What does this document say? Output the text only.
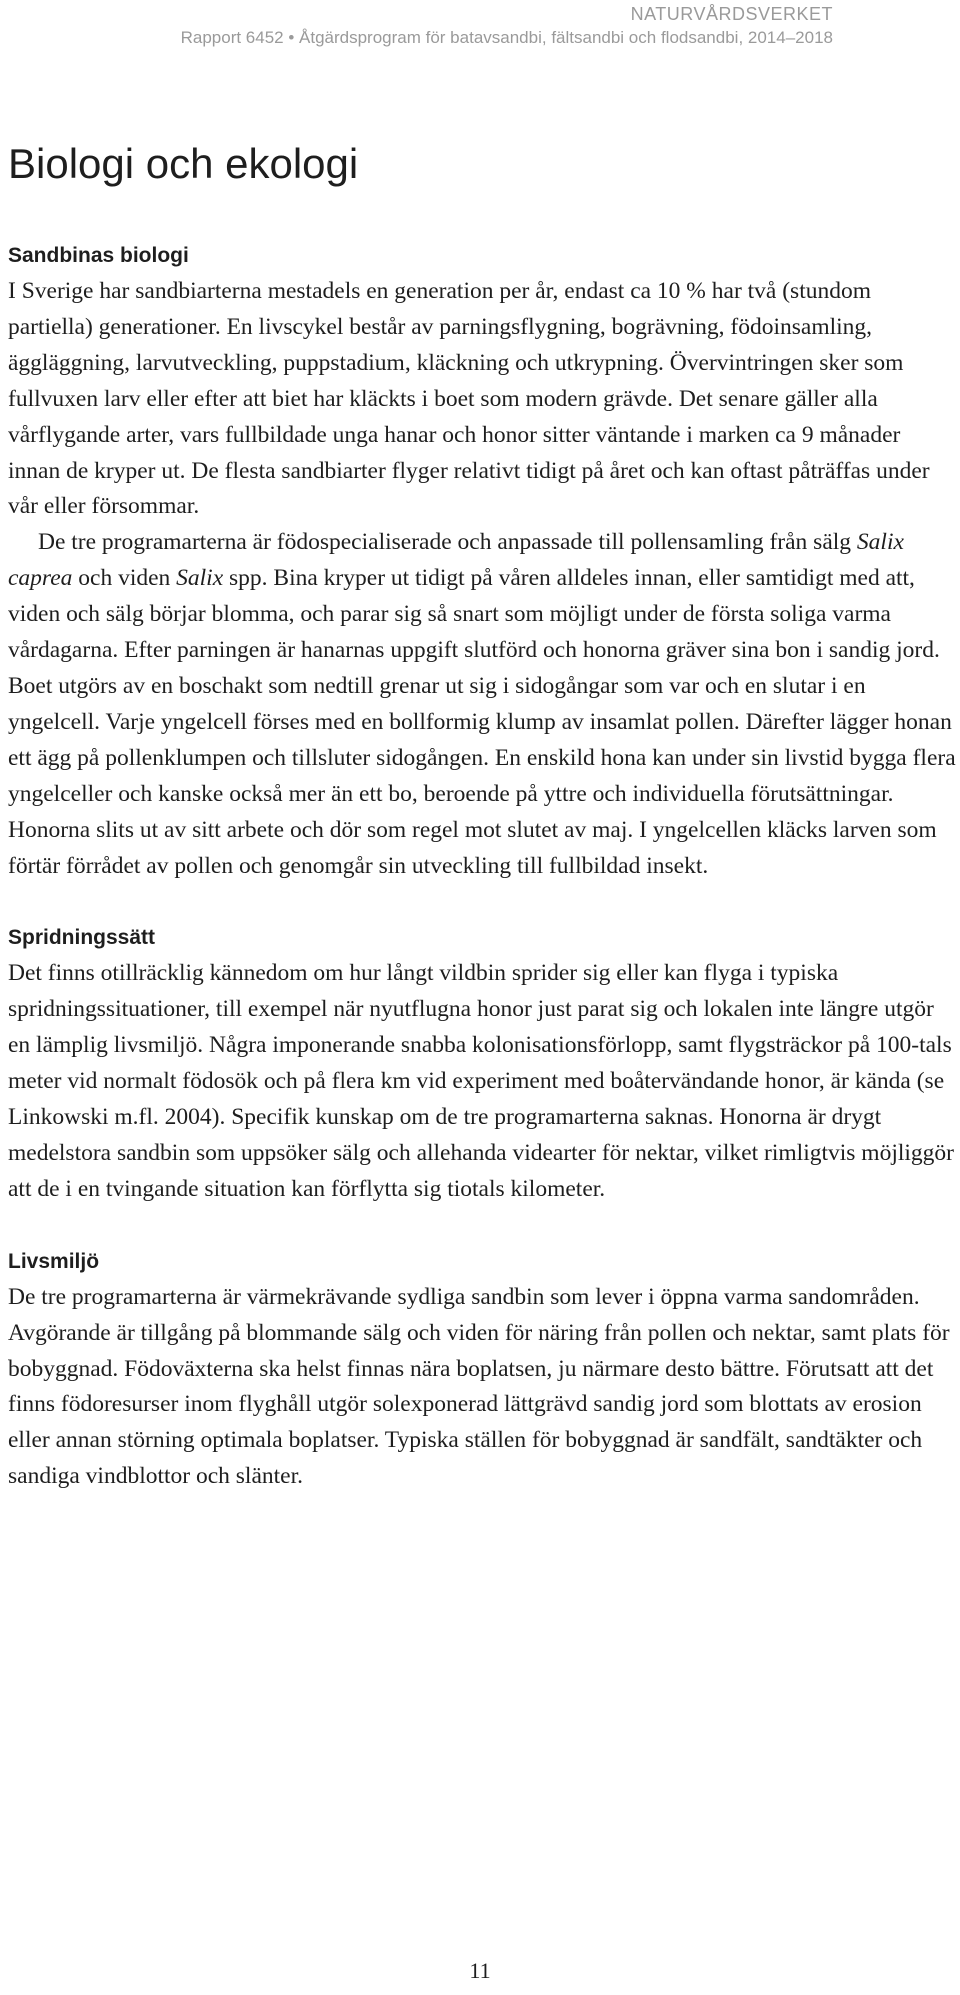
NATURVÅRDSVERKET
Rapport 6452 • Åtgärdsprogram för batavsandbi, fältsandbi och flodsandbi, 2014–2018
Biologi och ekologi
Sandbinas biologi

I Sverige har sandbiarterna mestadels en generation per år, endast ca 10 % har två (stundom partiella) generationer. En livscykel består av parningsflygning, bogrävning, födoinsamling, äggläggning, larvutveckling, puppstadium, kläckning och utkrypning. Övervintringen sker som fullvuxen larv eller efter att biet har kläckts i boet som modern grävde. Det senare gäller alla vårflygande arter, vars fullbildade unga hanar och honor sitter väntande i marken ca 9 månader innan de kryper ut. De flesta sandbiarter flyger relativt tidigt på året och kan oftast påträffas under vår eller försommar.

De tre programarterna är födospecialiserade och anpassade till pollensamling från sälg Salix caprea och viden Salix spp. Bina kryper ut tidigt på våren alldeles innan, eller samtidigt med att, viden och sälg börjar blomma, och parar sig så snart som möjligt under de första soliga varma vårdagarna. Efter parningen är hanarnas uppgift slutförd och honorna gräver sina bon i sandig jord. Boet utgörs av en boschakt som nedtill grenar ut sig i sidogångar som var och en slutar i en yngelcell. Varje yngelcell förses med en bollformig klump av insamlat pollen. Därefter lägger honan ett ägg på pollenklumpen och tillsluter sidogången. En enskild hona kan under sin livstid bygga flera yngelceller och kanske också mer än ett bo, beroende på yttre och individuella förutsättningar. Honorna slits ut av sitt arbete och dör som regel mot slutet av maj. I yngelcellen kläcks larven som förtär förrådet av pollen och genomgår sin utveckling till fullbildad insekt.

Spridningssätt

Det finns otillräcklig kännedom om hur långt vildbin sprider sig eller kan flyga i typiska spridningssituationer, till exempel när nyutflugna honor just parat sig och lokalen inte längre utgör en lämplig livsmiljö. Några imponerande snabba kolonisationsförlopp, samt flygsträckor på 100-tals meter vid normalt födosök och på flera km vid experiment med boåtervändande honor, är kända (se Linkowski m.fl. 2004). Specifik kunskap om de tre programarterna saknas. Honorna är drygt medelstora sandbin som uppsöker sälg och allehanda videarter för nektar, vilket rimligtvis möjliggör att de i en tvingande situation kan förflytta sig tiotals kilometer.

Livsmiljö

De tre programarterna är värmekrävande sydliga sandbin som lever i öppna varma sandområden. Avgörande är tillgång på blommande sälg och viden för näring från pollen och nektar, samt plats för bobyggnad. Födoväxterna ska helst finnas nära boplatsen, ju närmare desto bättre. Förutsatt att det finns födoresurser inom flyghåll utgör solexponerad lättgrävd sandig jord som blottats av erosion eller annan störning optimala boplatser. Typiska ställen för bobyggnad är sandfält, sandtäkter och sandiga vindblottor och slänter.

11
